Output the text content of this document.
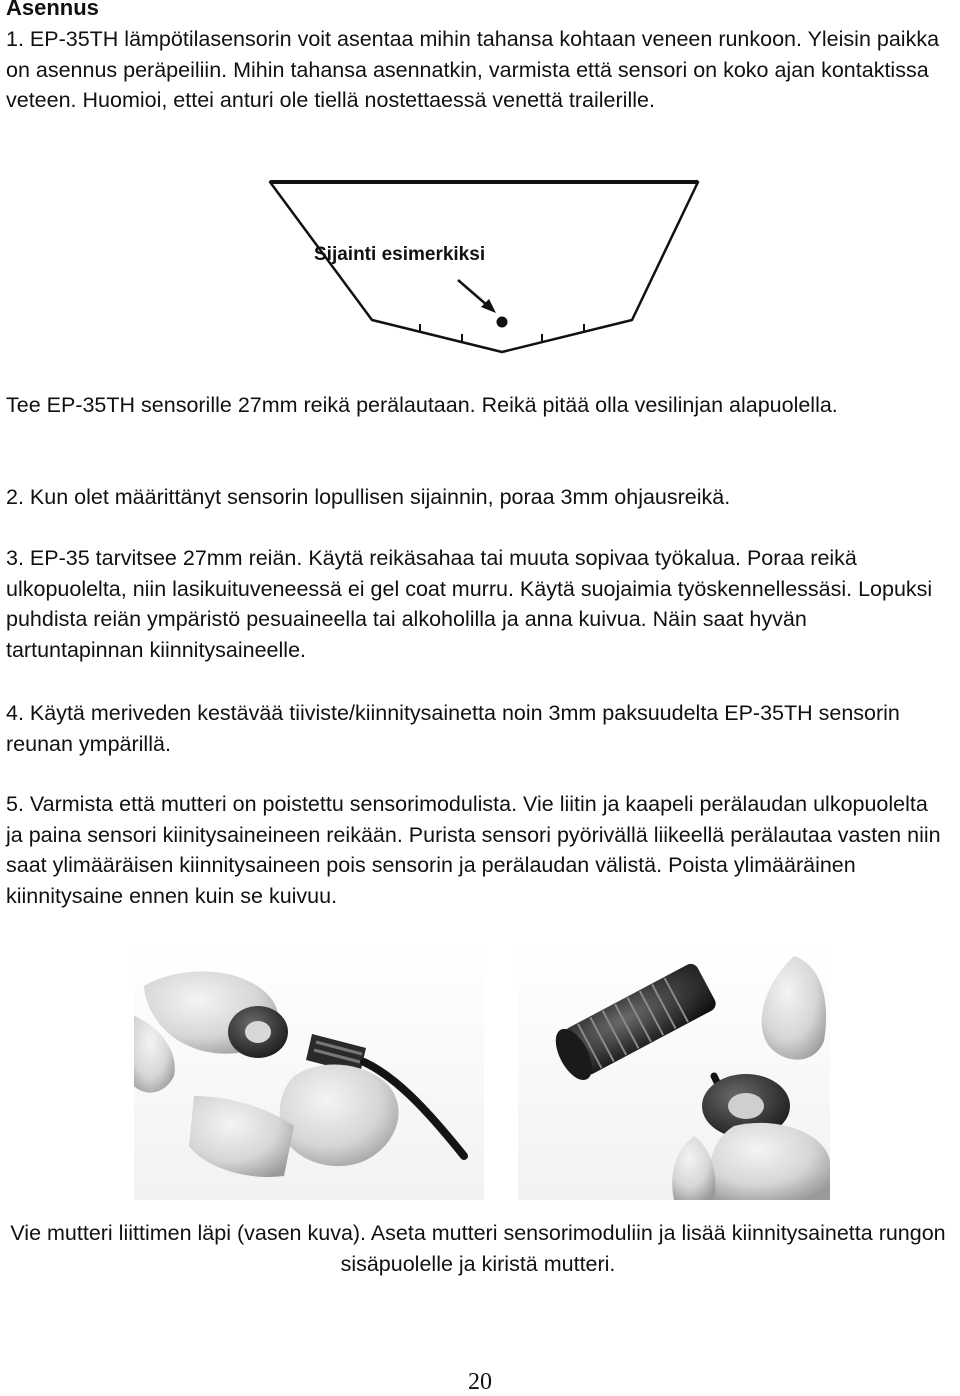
Asennus

1. EP-35TH lämpötilasensorin voit asentaa mihin tahansa kohtaan veneen runkoon. Yleisin paikka on asennus peräpeiliin. Mihin tahansa asennatkin, varmista että sensori on koko ajan kontaktissa veteen. Huomioi, ettei anturi ole tiellä nostettaessä venettä trailerille.

Sijainti esimerkiksi

Tee EP-35TH sensorille 27mm reikä perälautaan. Reikä pitää olla vesilinjan alapuolella.

2. Kun olet määrittänyt sensorin lopullisen sijainnin, poraa 3mm ohjausreikä.

3. EP-35 tarvitsee 27mm reiän. Käytä reikäsahaa tai muuta sopivaa työkalua. Poraa reikä ulkopuolelta, niin lasikuituveneessä ei gel coat murru. Käytä suojaimia työskennellessäsi. Lopuksi puhdista reiän ympäristö pesuaineella tai alkoholilla ja anna kuivua. Näin saat hyvän tartuntapinnan kiinnitysaineelle.

4. Käytä meriveden kestävää tiiviste/kiinnitysainetta noin 3mm paksuudelta EP-35TH sensorin reunan ympärillä.

5. Varmista että mutteri on poistettu sensorimodulista. Vie liitin ja kaapeli perälaudan ulkopuolelta ja paina sensori kiinitysaineineen reikään. Purista sensori pyörivällä liikeellä perälautaa vasten niin saat ylimääräisen kiinnitysaineen pois sensorin ja perälaudan välistä. Poista ylimääräinen kiinnitysaine ennen kuin se kuivuu.

Vie mutteri liittimen läpi (vasen kuva). Aseta mutteri sensorimoduliin ja lisää kiinnitysainetta rungon sisäpuolelle ja kiristä mutteri.

20
